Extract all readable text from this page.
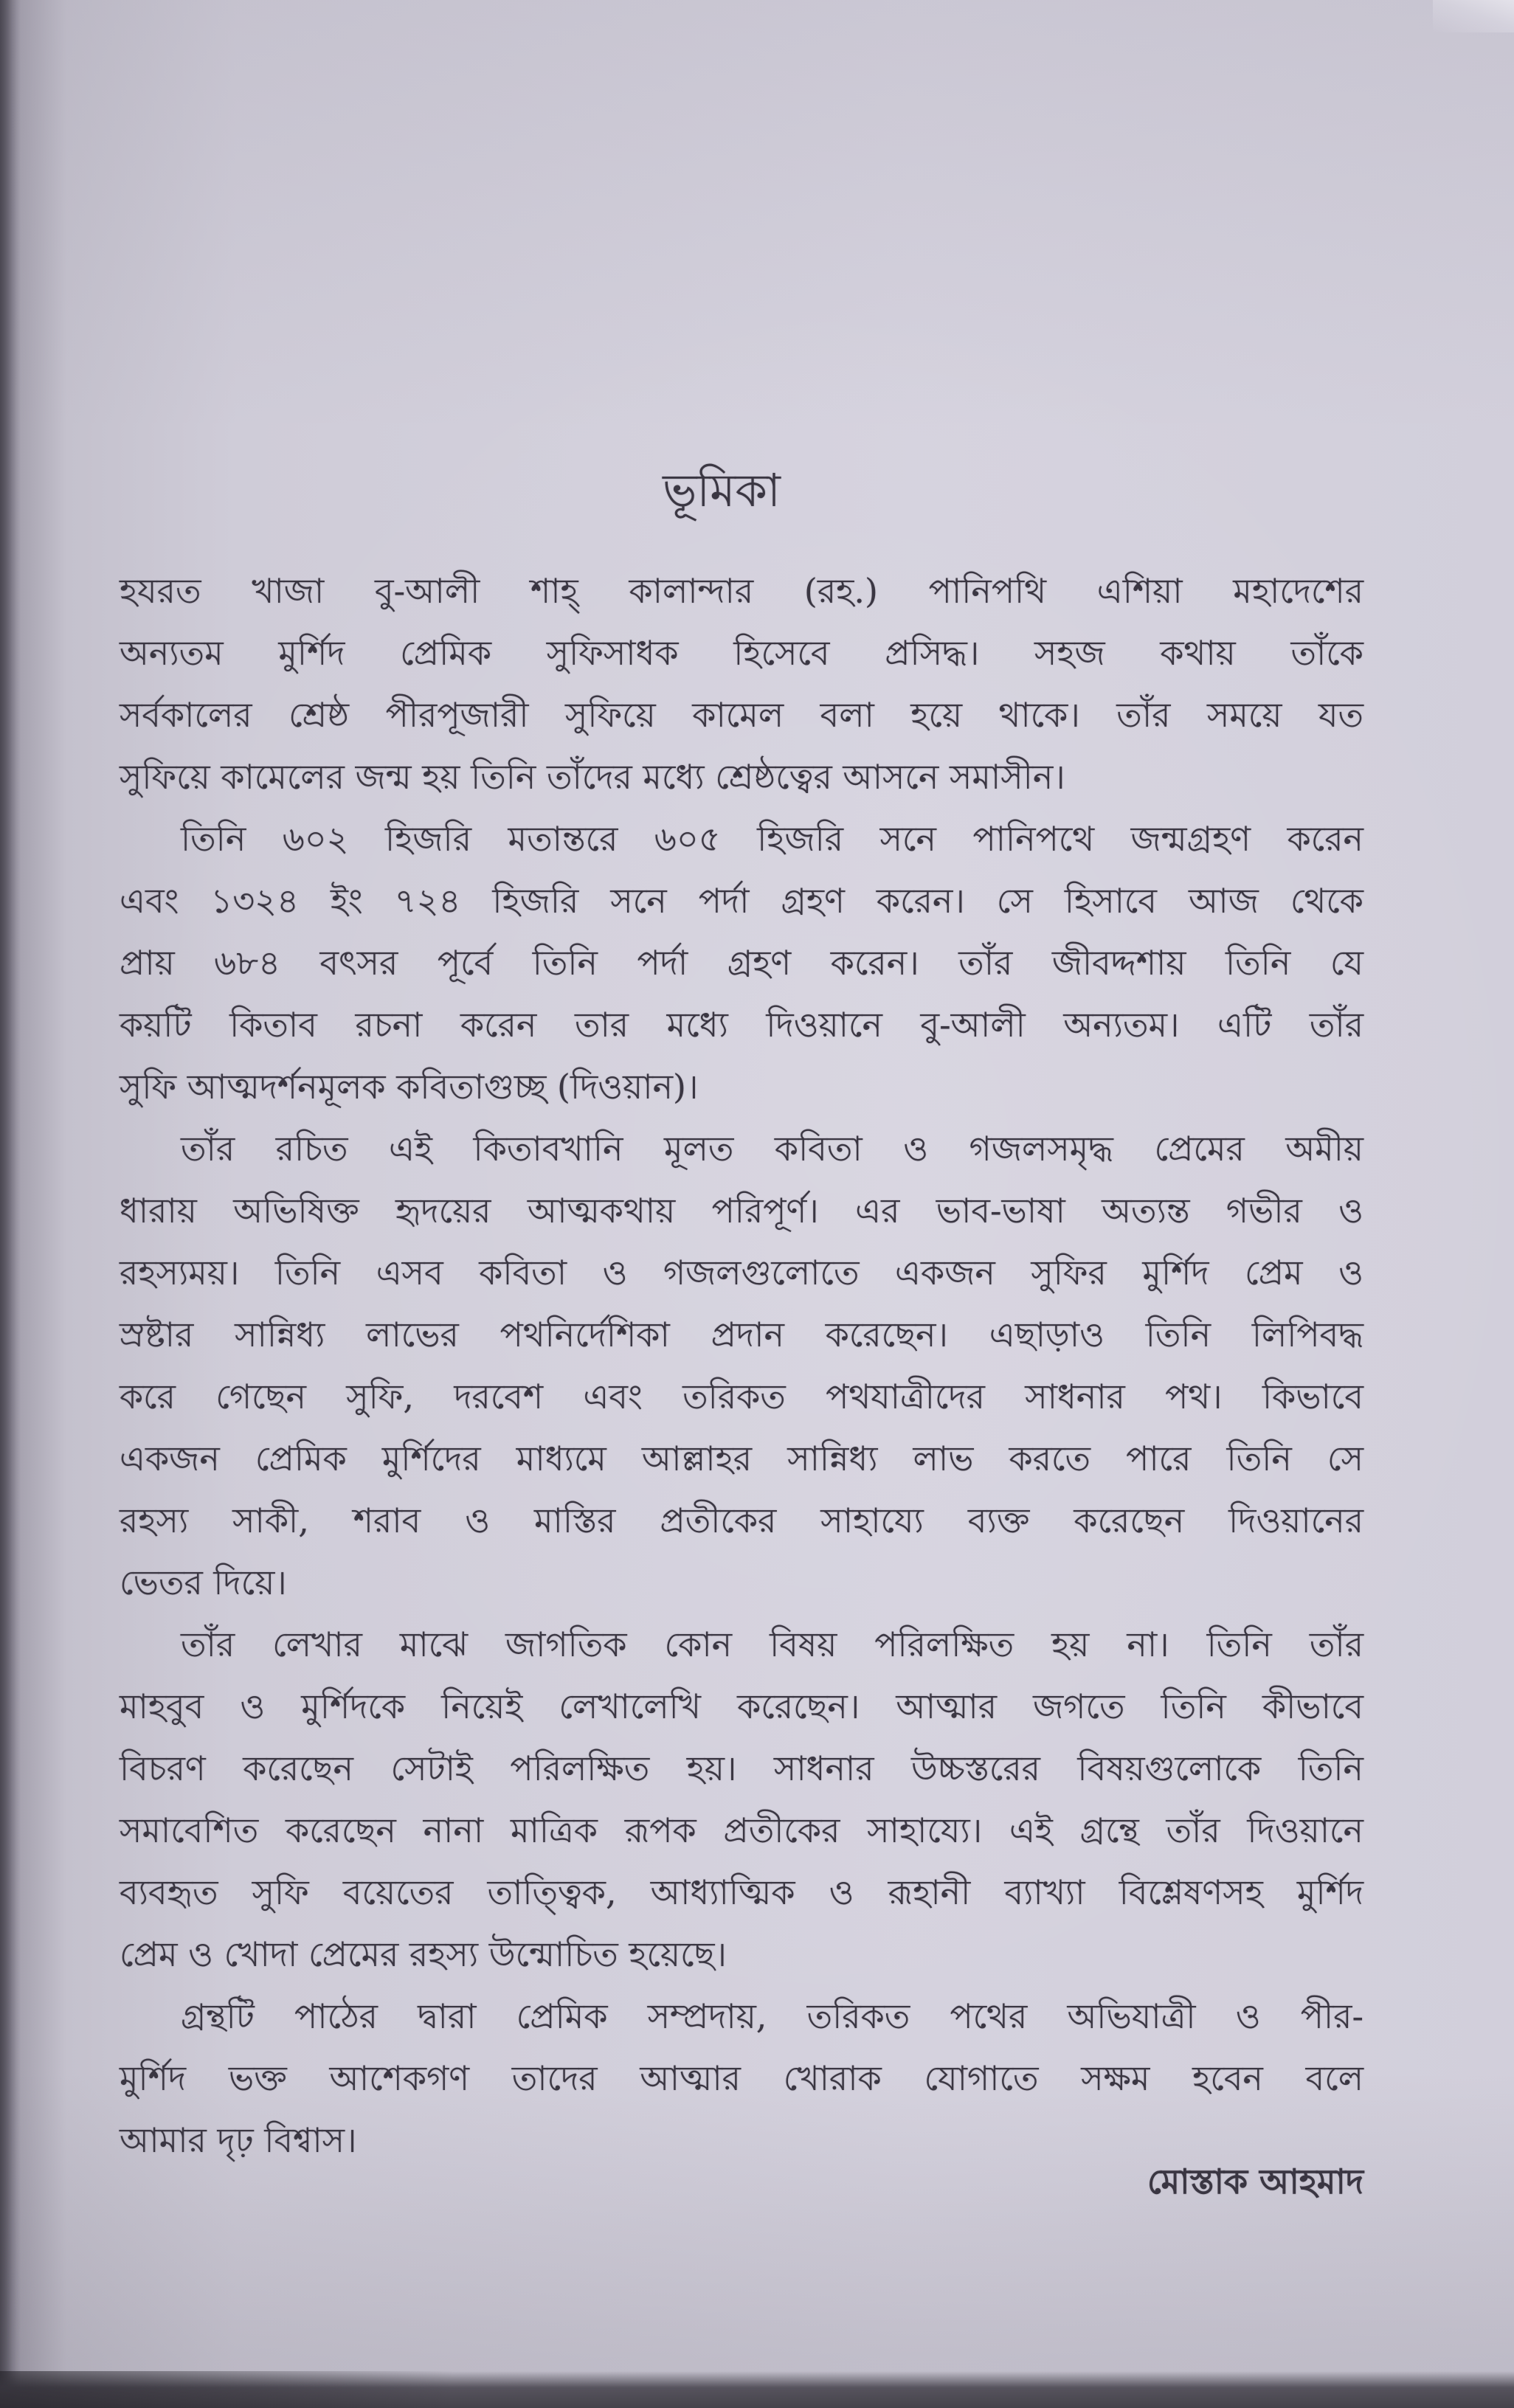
ভূমিকা
হযরত খাজা বু-আলী শাহ্ কালান্দার (রহ.) পানিপথি এশিয়া মহাদেশের
অন্যতম মুর্শিদ প্রেমিক সুফিসাধক হিসেবে প্রসিদ্ধ। সহজ কথায় তাঁকে
সর্বকালের শ্রেষ্ঠ পীরপূজারী সুফিয়ে কামেল বলা হয়ে থাকে। তাঁর সময়ে যত
সুফিয়ে কামেলের জন্ম হয় তিনি তাঁদের মধ্যে শ্রেষ্ঠত্বের আসনে সমাসীন।
তিনি ৬০২ হিজরি মতান্তরে ৬০৫ হিজরি সনে পানিপথে জন্মগ্রহণ করেন
এবং ১৩২৪ ইং ৭২৪ হিজরি সনে পর্দা গ্রহণ করেন। সে হিসাবে আজ থেকে
প্রায় ৬৮৪ বৎসর পূর্বে তিনি পর্দা গ্রহণ করেন। তাঁর জীবদ্দশায় তিনি যে
কয়টি কিতাব রচনা করেন তার মধ্যে দিওয়ানে বু-আলী অন্যতম। এটি তাঁর
সুফি আত্মদর্শনমূলক কবিতাগুচ্ছ (দিওয়ান)।
তাঁর রচিত এই কিতাবখানি মূলত কবিতা ও গজলসমৃদ্ধ প্রেমের অমীয়
ধারায় অভিষিক্ত হৃদয়ের আত্মকথায় পরিপূর্ণ। এর ভাব-ভাষা অত্যন্ত গভীর ও
রহস্যময়। তিনি এসব কবিতা ও গজলগুলোতে একজন সুফির মুর্শিদ প্রেম ও
স্রষ্টার সান্নিধ্য লাভের পথনির্দেশিকা প্রদান করেছেন। এছাড়াও তিনি লিপিবদ্ধ
করে গেছেন সুফি, দরবেশ এবং তরিকত পথযাত্রীদের সাধনার পথ। কিভাবে
একজন প্রেমিক মুর্শিদের মাধ্যমে আল্লাহর সান্নিধ্য লাভ করতে পারে তিনি সে
রহস্য সাকী, শরাব ও মাস্তির প্রতীকের সাহায্যে ব্যক্ত করেছেন দিওয়ানের
ভেতর দিয়ে।
তাঁর লেখার মাঝে জাগতিক কোন বিষয় পরিলক্ষিত হয় না। তিনি তাঁর
মাহবুব ও মুর্শিদকে নিয়েই লেখালেখি করেছেন। আত্মার জগতে তিনি কীভাবে
বিচরণ করেছেন সেটাই পরিলক্ষিত হয়। সাধনার উচ্চস্তরের বিষয়গুলোকে তিনি
সমাবেশিত করেছেন নানা মাত্রিক রূপক প্রতীকের সাহায্যে। এই গ্রন্থে তাঁর দিওয়ানে
ব্যবহৃত সুফি বয়েতের তাত্ত্বিক, আধ্যাত্মিক ও রূহানী ব্যাখ্যা বিশ্লেষণসহ মুর্শিদ
প্রেম ও খোদা প্রেমের রহস্য উন্মোচিত হয়েছে।
গ্রন্থটি পাঠের দ্বারা প্রেমিক সম্প্রদায়, তরিকত পথের অভিযাত্রী ও পীর-
মুর্শিদ ভক্ত আশেকগণ তাদের আত্মার খোরাক যোগাতে সক্ষম হবেন বলে
আমার দৃঢ় বিশ্বাস।
মোস্তাক আহমাদ
